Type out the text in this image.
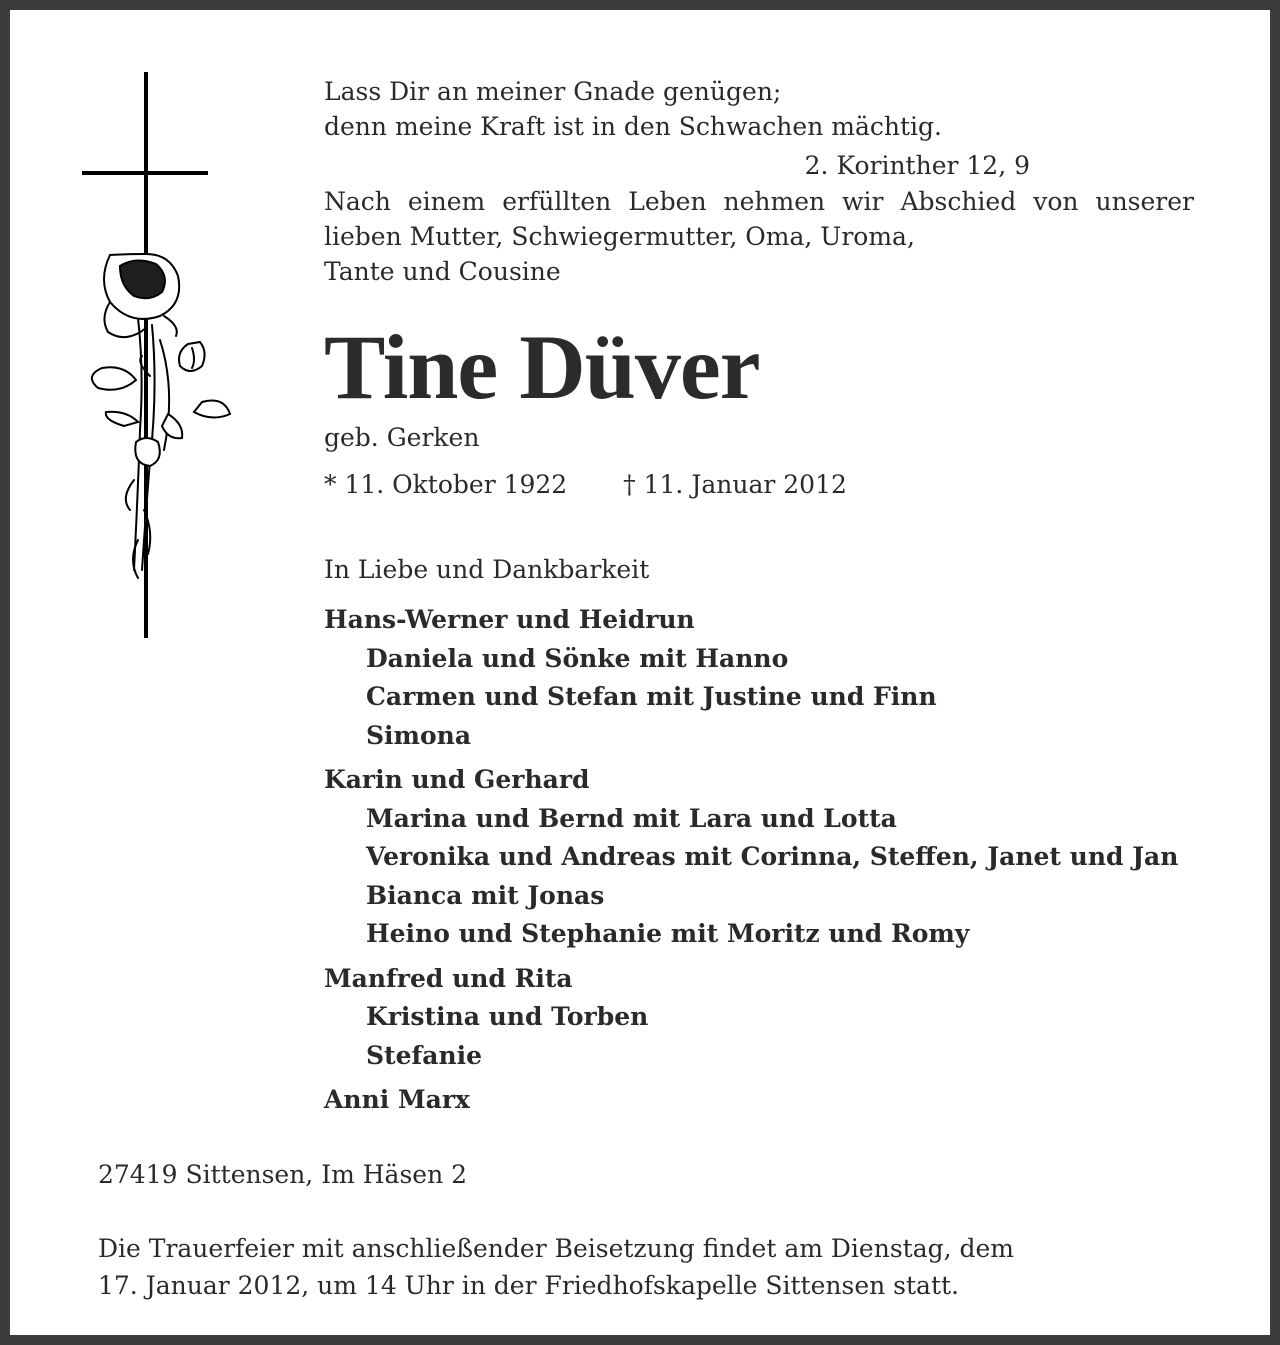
Lass Dir an meiner Gnade genügen;
denn meine Kraft ist in den Schwachen mächtig.
2. Korinther 12, 9
Nach einem erfüllten Leben nehmen wir Abschied von unserer lieben Mutter, Schwiegermutter, Oma, Uroma,
Tante und Cousine
Tine Düver
geb. Gerken
* 11. Oktober 1922 † 11. Januar 2012
In Liebe und Dankbarkeit
Hans-Werner und Heidrun
Daniela und Sönke mit Hanno
Carmen und Stefan mit Justine und Finn
Simona
Karin und Gerhard
Marina und Bernd mit Lara und Lotta
Veronika und Andreas mit Corinna, Steffen, Janet und Jan
Bianca mit Jonas
Heino und Stephanie mit Moritz und Romy
Manfred und Rita
Kristina und Torben
Stefanie
Anni Marx
27419 Sittensen, Im Häsen 2
Die Trauerfeier mit anschließender Beisetzung findet am Dienstag, dem
17. Januar 2012, um 14 Uhr in der Friedhofskapelle Sittensen statt.
